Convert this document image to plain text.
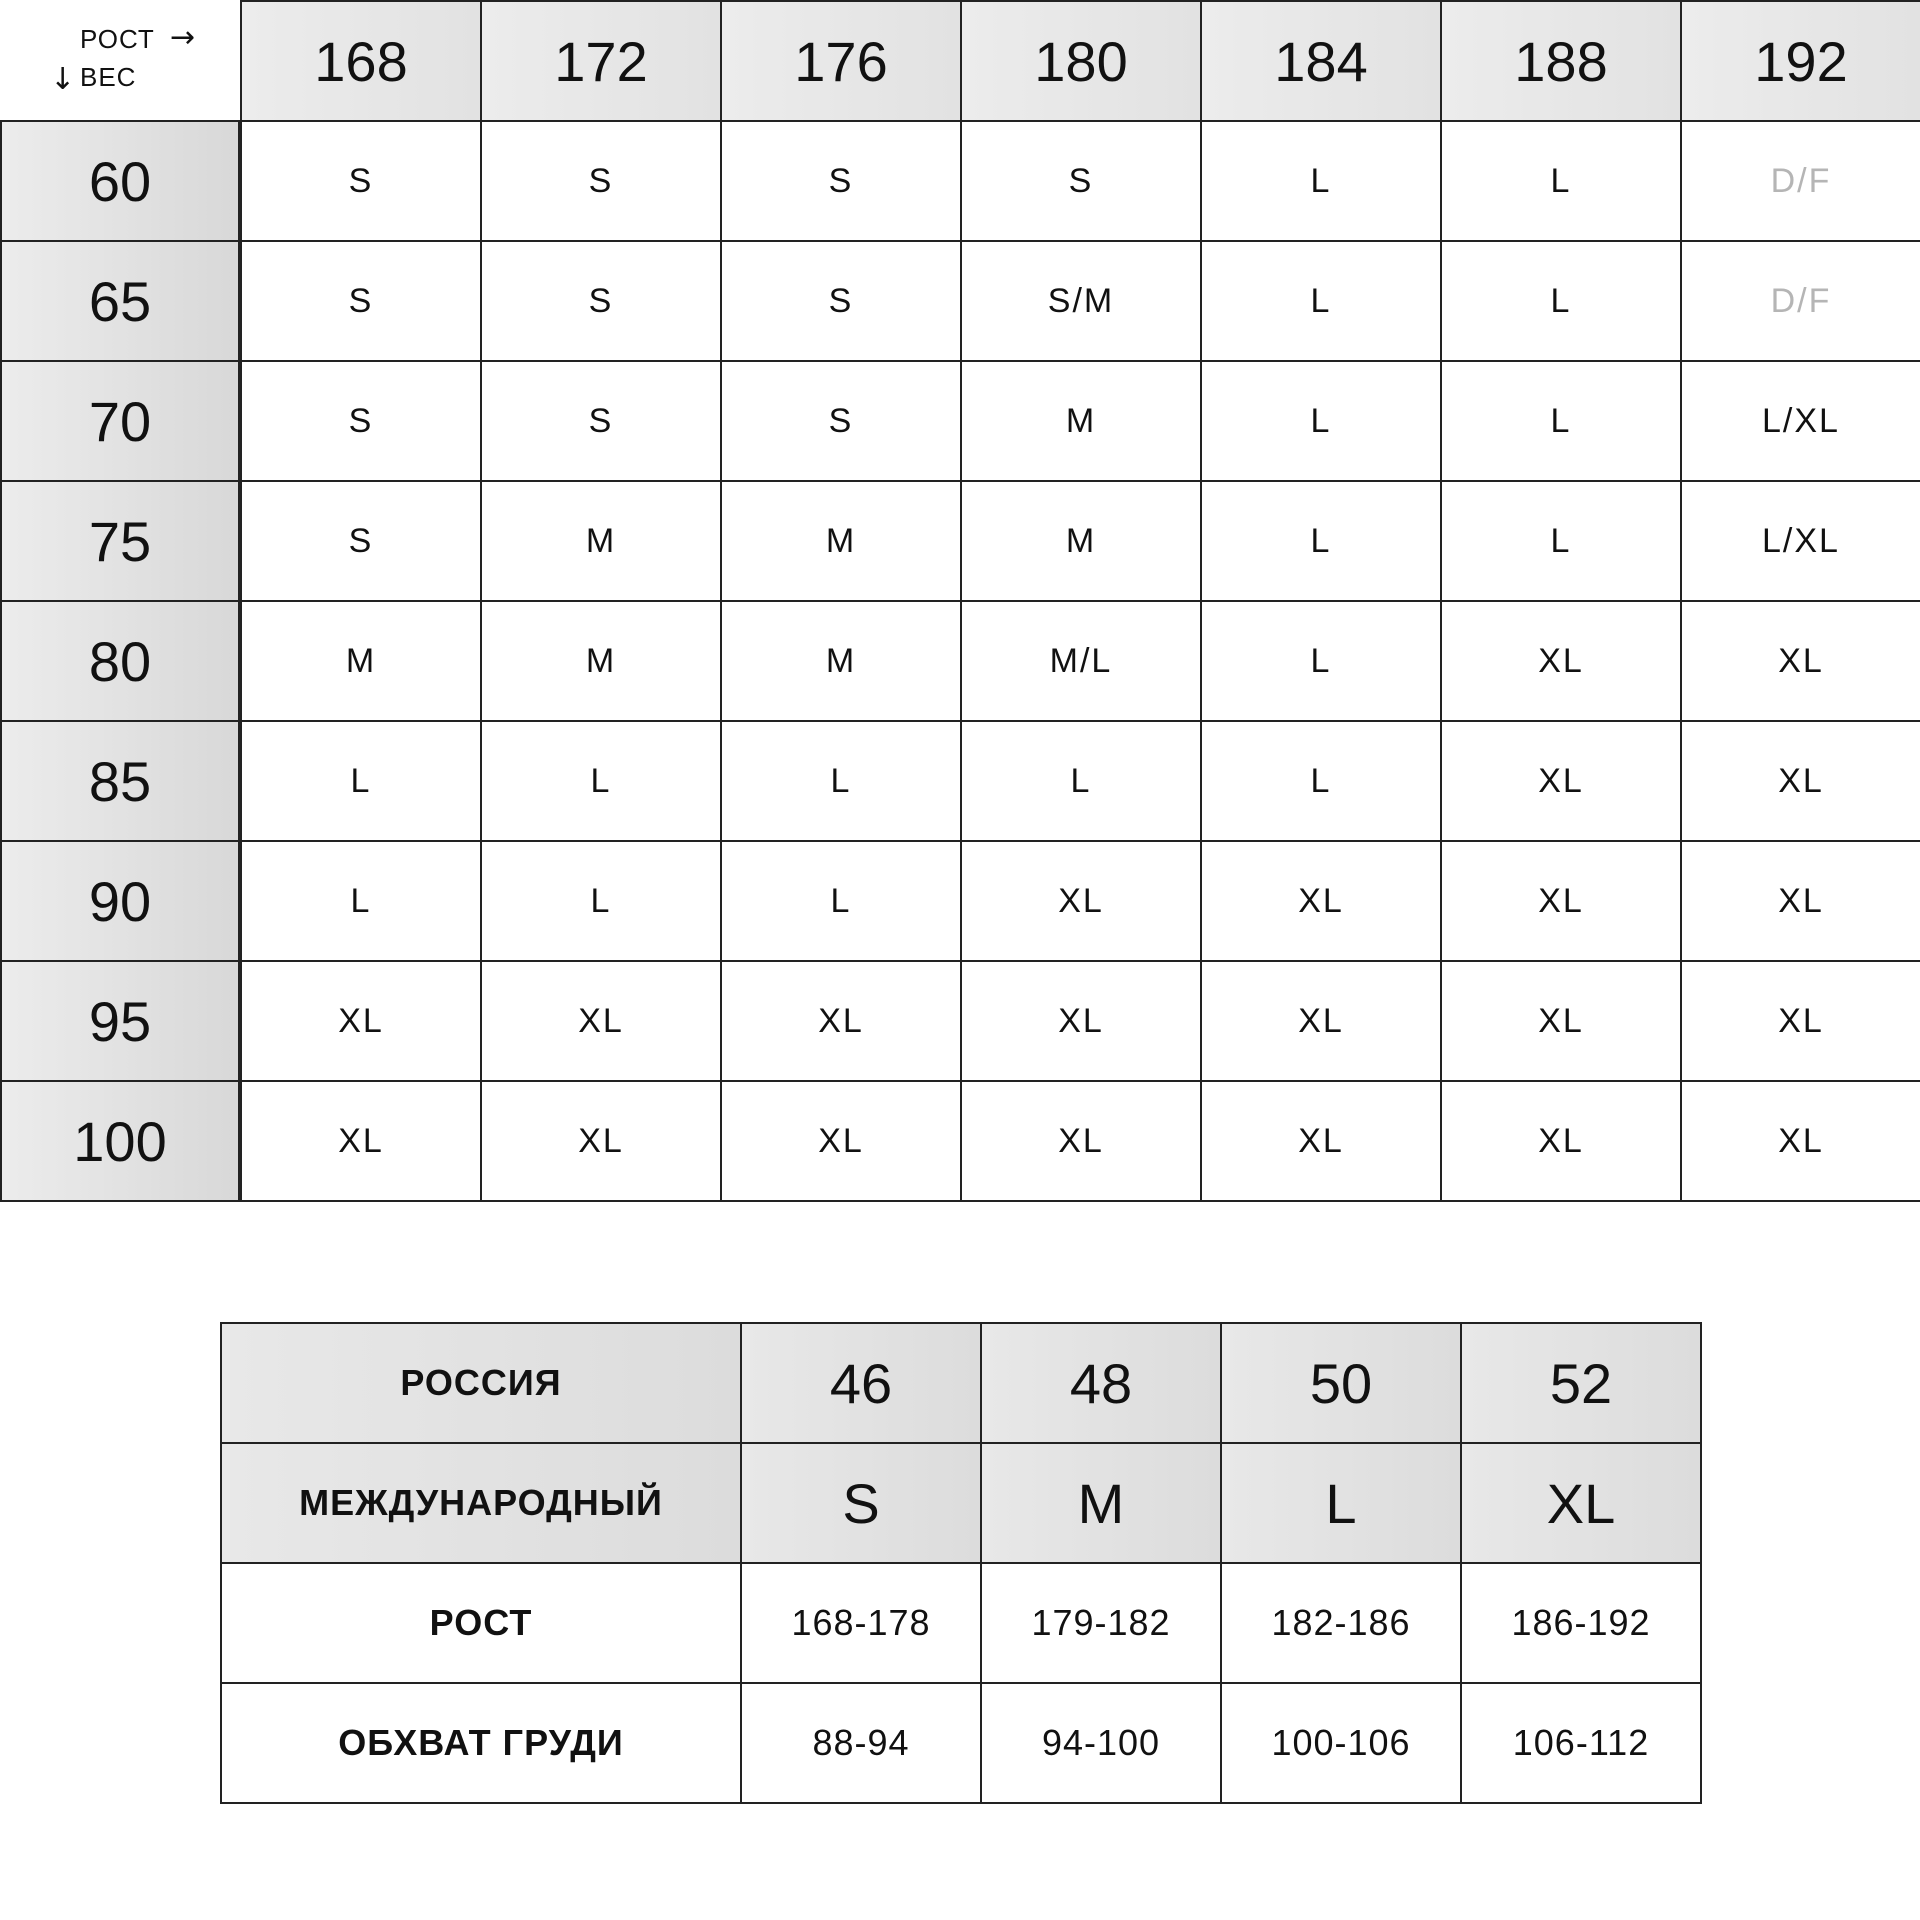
РОСТ →
↓ ВЕС	168	172	176	180	184	188	192
60	S	S	S	S	L	L	D/F
65	S	S	S	S/M	L	L	D/F
70	S	S	S	M	L	L	L/XL
75	S	M	M	M	L	L	L/XL
80	M	M	M	M/L	L	XL	XL
85	L	L	L	L	L	XL	XL
90	L	L	L	XL	XL	XL	XL
95	XL	XL	XL	XL	XL	XL	XL
100	XL	XL	XL	XL	XL	XL	XL
РОССИЯ	46	48	50	52
МЕЖДУНАРОДНЫЙ	S	M	L	XL
РОСТ	168-178	179-182	182-186	186-192
ОБХВАТ ГРУДИ	88-94	94-100	100-106	106-112
